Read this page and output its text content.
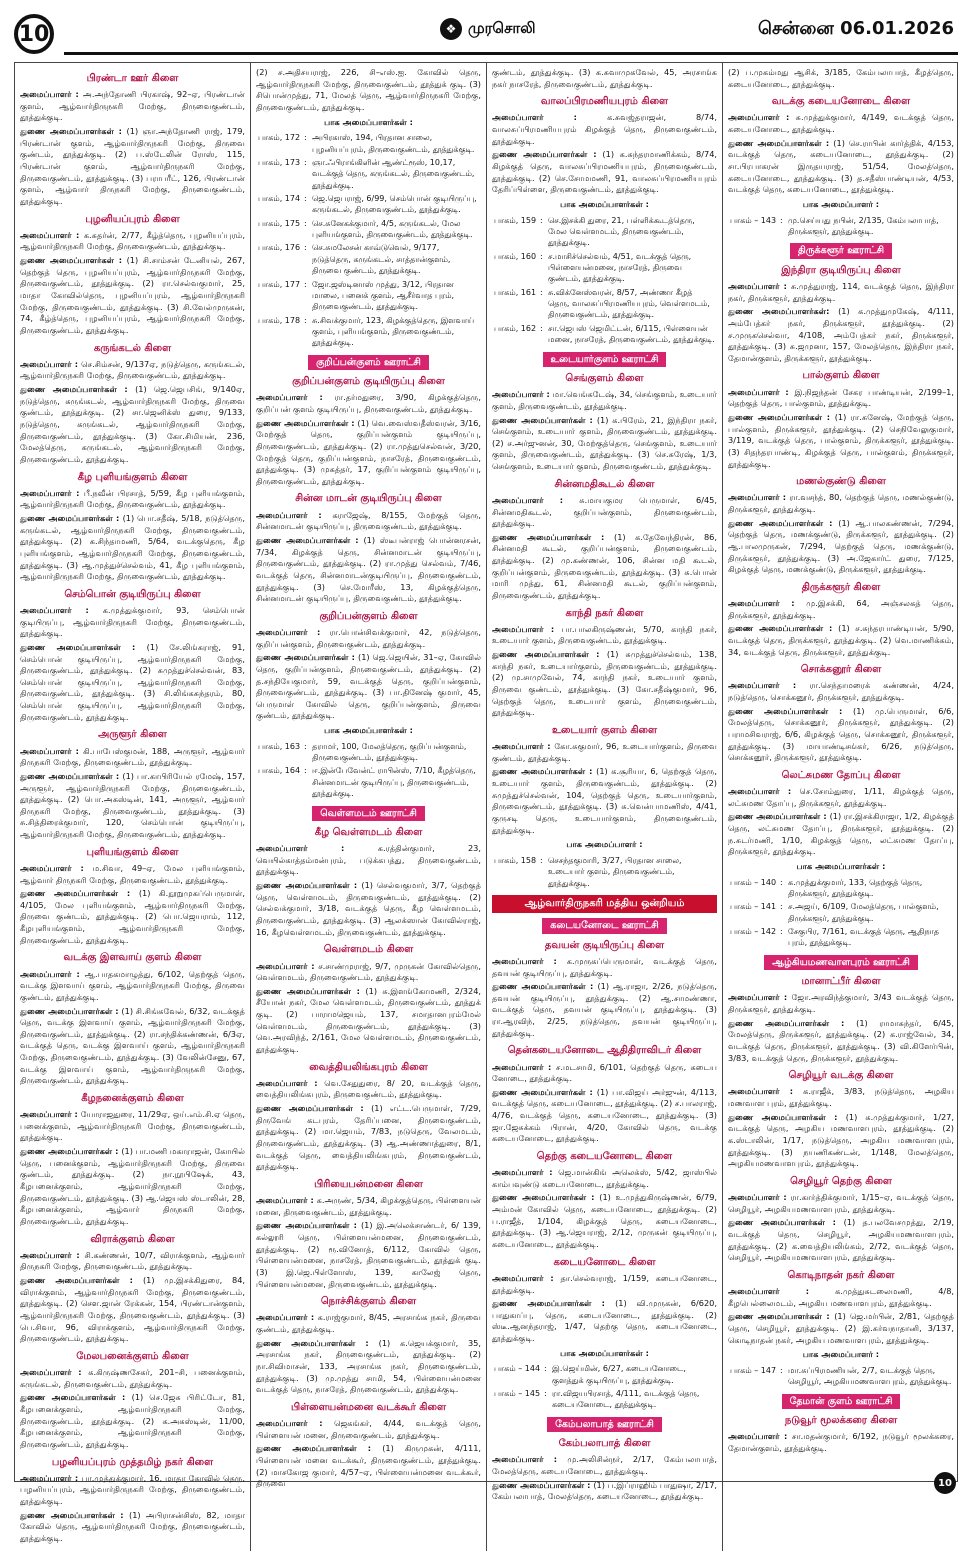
10	❖ முரசொலி	சென்னை 06.01.2026
பிரண்டா ஊர் கிளை

அமைப்பாளர் : அ.அந்தோணி பிரகாஷ், 92–ஏ, பிரண்டான் குளம், ஆழ்வார்திருநகரி மேற்கு, திருவைகுண்டம், தூத்துக்குடி.

துணை அமைப்பாளர்கள் : (1) ஞா.அந்தோணி ராஜ், 179, பிரண்டான் குளம், ஆழ்வார்திருநகரி மேற்கு, திருவை குண்டம், தூத்துக்குடி. (2) ப.ஸ்டேலின் ரோஸ், 115, பிரண்டான் குளம், ஆழ்வார்திருநகரி மேற்கு, திருவைகுண்டம், தூத்துக்குடி. (3) பராபரீட், 126, பிரண்டான் குளம், ஆழ்வார் திருநகரி மேற்கு, திருவைகுண்டம், தூத்துக்குடி.

புழனியப்புரம் கிளை

அமைப்பாளர் : க.சுதர்ன், 2/77, கீழ்த்தெரு, புழனியப்புரம், ஆழ்வார்திருநகரி மேற்கு, திருவைகுண்டம், தூத்துக்குடி.

துணை அமைப்பாளர்கள் : (1) சி.சாம்சன் டேனியல், 267, தெற்குத் தெரு, புழனியப்புரம், ஆழ்வார்திருநகரி மேற்கு, திருவைகுண்டம், தூத்துக்குடி. (2) ரா.செல்வகுமார், 25, மாதா கோவில்தெரு, புழனியப்புரம், ஆழ்வார்திருநகரி மேற்கு, திருவைகுண்டம், தூத்துக்குடி. (3) சி.வேல்முருகன், 74, கீழ்த்தெரு, புழனியப்புரம், ஆழ்வார்திருநகரி மேற்கு, திருவைகுண்டம், தூத்துக்குடி.

கருங்கடல் கிளை

அமைப்பாளர் : செ.சிம்சன், 9/137ஏ, நடுத்தெரு, கருங்கடல், ஆழ்வார்திருநகரி மேற்கு, திருவைகுண்டம், தூத்துக்குடி.

துணை அமைப்பாளர்கள் : (1) ஜெ.ஜெபசிங், 9/140ஏ, நடுத்தெரு, கருங்கடல், ஆழ்வார்திருநகரி மேற்கு, திருவை குண்டம், தூத்துக்குடி. (2) சா.ஜெனிக்ஸ் துரை, 9/133, நடுத்தெரு, கருங்கடல், ஆழ்வார்திருநகரி மேற்கு, திருவைகுண்டம், தூத்துக்குடி. (3) கோ.சிமியன், 236, மேலத்தெரு, கருங்கடல், ஆழ்வார்திருநகரி மேற்கு, திருவைகுண்டம், தூத்துக்குடி.

கீழ புளியங்குளம் கிளை

அமைப்பாளர் : பீ.நவீன் பிரசாத், 5/59, கீழ புளியங்குளம், ஆழ்வார்திருநகரி மேற்கு, திருவைகுண்டம், தூத்துக்குடி.

துணை அமைப்பாளர்கள் : (1) பொ.சதீஷ், 5/18, நடுத்தெரு, கருங்கடல், ஆழ்வார்திருநகரி மேற்கு, திருவைகுண்டம், தூத்துக்குடி. (2) க.சிந்தாமணி, 5/64, வடக்குதெரு, கீழ புளியங்குளம், ஆழ்வார்திருநகரி மேற்கு, திருவைகுண்டம், தூத்துக்குடி. (3) ஆ.முத்துச்செல்வம், 41, கீழ புளியங்குளம், ஆழ்வார்திருநகரி மேற்கு, திருவைகுண்டம், தூத்துக்குடி.

செம்பொன் குடியிருப்பு கிளை

அமைப்பாளர் : க.முத்துக்குமார், 93, செம்பொன் குடியிருப்பு, ஆழ்வார்திருநகரி மேற்கு, திருவைகுண்டம், தூத்துக்குடி.

துணை அமைப்பாளர்கள் : (1) சே.லிங்கராஜ், 91, செம்பொன் குடியிருப்பு, ஆழ்வார்திருநகரி மேற்கு, திருவைகுண்டம், தூத்துக்குடி. (2) சுமுத்துச்செல்வன், 83, செம்பொன் குடியிருப்பு, ஆழ்வார்திருநகரி மேற்கு, திருவைகுண்டம், தூத்துக்குடி. (3) சி.லிங்கசுந்தரம், 80, செம்பொன் குடியிருப்பு, ஆழ்வார்திருநகரி மேற்கு, திருவைகுண்டம், தூத்துக்குடி.

அருளூர் கிளை

அமைப்பாளர் : கி.பாபேஸ்குமன், 188, அருளூர், ஆழ்வார் திருநகரி மேற்கு, திருவைகுண்டம், தூத்துக்குடி.

துணை அமைப்பாளர்கள் : (1) பா.காபிரியேல் ரமேஷ், 157, அருளூர், ஆழ்வார்திருநகரி மேற்கு, திருவைகுண்டம், தூத்துக்குடி. (2) பொ.அகஸ்டின், 141, அருளூர், ஆழ்வார் திருநகரி மேற்கு, திருவைகுண்டம், தூத்துக்குடி. (3) சு.சித்திரைக்குமார், 120, செம்பொன் குடியிருப்பு, ஆழ்வார்திருநகரி மேற்கு, திருவைகுண்டம், தூத்துக்குடி.

புளியங்குளம் கிளை

அமைப்பாளர் : ம.சிவா, 49–ஏ, மேல புளியங்குளம், ஆழ்வார் திருநகரி மேற்கு, திருவைகுண்டம், தூத்துக்குடி.

துணை அமைப்பாளர்கள் : (1) கி.நூறுமுகப்பெருமாள், 4/105, மேல புளியங்குளம், ஆழ்வார்திருநகரி மேற்கு, திருவை குண்டம், தூத்துக்குடி. (2) பொ.ஜெயராம், 112, கீழபுளியங்குளம், ஆழ்வார்திருநகரி மேற்கு, திருவைகுண்டம், தூத்துக்குடி.

வடக்கு இளவாய் குளம் கிளை

அமைப்பாளர் : ஆ.பாதகமாழுத்து, 6/102, தெற்குத் தெரு, வடக்கு இளவாய் குளம், ஆழ்வார்திருநகரி மேற்கு, திருவை குண்டம், தூத்துக்குடி.

துணை அமைப்பாளர்கள் : (1) சி.சிங்கவேல், 6/32, வடக்குத் தெரு, வடக்கு இளவாய் குளம், ஆழ்வார்திருநகரி மேற்கு, திருவைகுண்டம், தூத்துக்குடி. (2) ரா.சந்திக்கண்ணன், 6/3ஏ, வடக்குத் தெரு, வடக்கு இளவாய் குளம், ஆழ்வார்திருநகரி மேற்கு, திருவைகுண்டம், தூத்துக்குடி. (3) வேலின்சேனு, 67, வடக்கு இளவாய் குளம், ஆழ்வார்திருநகரி மேற்கு, திருவைகுண்டம், தூத்துக்குடி.

கீழநனைக்குளம் கிளை

அமைப்பாளர் : யோராஜதுரை, 11/29ஏ, ஒய்.எம்.சி.ஏ தெரு, பனைக்குளம், ஆழ்வார்திருநகரி மேற்கு, திருவைகுண்டம், தூத்துக்குடி.

துணை அமைப்பாளர்கள் : (1) பா.மணி மகாராஜன், கோயில் தெரு, பனைக்குளம், ஆழ்வார்திருநகரி மேற்கு, திருவை குண்டம், தூத்துக்குடி. (2) நா.நூபிஷேக், 43, கீழபனைக்குளம், ஆழ்வார்திருநகரி மேற்கு, திருவைகுண்டம், தூத்துக்குடி. (3) ஆ.ஜெயஸ் ஸ்டாலின், 28, கீழபனைக்குளம், ஆழ்வார் திருநகரி மேற்கு, திருவைகுண்டம், தூத்துக்குடி.

விராக்குளம் கிளை

அமைப்பாளர் : சி.கண்ணன், 10/7, விராக்குளம், ஆழ்வார் திருநகரி மேற்கு, திருவைகுண்டம், தூத்துக்குடி.

துணை அமைப்பாளர்கள் : (1) மு.இசக்கிதுரை, 84, விராக்குளம், ஆழ்வார்திருநகரி மேற்கு, திருவைகுண்டம், தூத்துக்குடி. (2) சௌ.ஜான் ரேக்கன், 154, பிரண்டான்குளம், ஆழ்வார்திருநகரி மேற்கு, திருவைகுண்டம், தூத்துக்குடி. (3) பெ.சிவா, 96, விராக்குளம், ஆழ்வார்திருநகரி மேற்கு, திருவைகுண்டம், தூத்துக்குடி.

மேலபனைக்குளம் கிளை

அமைப்பாளர் : க.கிருஷ்ணசேகர், 201–சி, பனைக்குளம், கருங்கடல், திருவைகுண்டம், தூத்துக்குடி.

துணை அமைப்பாளர்கள் : (1) செ.ஜேசு பிரிட்டோ, 81, கீழபனைக்குளம், ஆழ்வார்திருநகரி மேற்கு, திருவைகுண்டம், தூத்துக்குடி. (2) க.அகஸ்டின், 11/00, கீழபனைக்குளம், ஆழ்வார்திருநகரி மேற்கு, திருவைகுண்டம், தூத்துக்குடி.

பழனியப்புரம் முத்தமிழ் நகர் கிளை

அமைப்பாளர் : பா.முத்துக்குமார், 16, மாதா கோவில் தெரு, பழனியப்புரம், ஆழ்வார்திருநகரி மேற்கு, திருவைகுண்டம், தூத்துக்குடி.

துணை அமைப்பாளர்கள் : (1) அபிராசன்சிஸ், 82, மாதா கோவில் தெரு, ஆழ்வார்திருநகரி மேற்கு, திருவைகுண்டம், தூத்துக்குடி.

(2) ச.அதிசயராஜ், 226, சி–எஸ்.ஐ. கோவில் தெரு, ஆழ்வார்திருநகரி மேற்கு, திருவைகுண்டம், தூத்துக் குடி. (3) சிபொன்முத்து, 71, மேலத் தெரு, ஆழ்வார்திருநகரி மேற்கு, திருவைகுண்டம், தூத்துக்குடி.

பாக அமைப்பாளர்கள் :
பாகம், 172	:	அபிரகாஸ், 194, பிரதான சாலை, புழனியப்புரம், திருவைகுண்டம், தூத்துக்குடி.
பாகம், 173	:	ஞா.ஃபிராங்கிளின் ஆண்ட்ரூஸ், 10,17, வடக்குத் தெரு, கருங்கடல், திருவைகுண்டம், தூத்துக்குடி.
பாகம், 174	:	ஜெ.ஜெபராஜ், 6/99, செம்பொன் குடியிருப்பு, கருங்கடல், திருவைகுண்டம், தூத்துக்குடி.
பாகம், 175	:	செ.சுனேகக்குமார், 4/5, கருங்கடல், மேல புளியங்குளம், திருவைகுண்டம், தூத்துக்குடி.
பாகம், 176	:	செ.சுமலேசன் காவ்டுவெல், 9/177, நடுத்தெரு, கருங்கடல், சாத்தான்குளம், திருவை குண்டம், தூத்துக்குடி.
பாகம், 177	:	ஜோ.ஜஸ்டினாஸ் முத்து, 3/12, பிரதான மாலை, பனைக் குளம், ஆசீர்வாத புரம், திருவைகுண்டம், தூத்துக்குடி.
பாகம், 178	:	சு.சிவக்குமார், 123, கிழக்குத்தெரு, இளவாய் குளம், புளியங்குளம், திருவைகுண்டம், தூத்துக்குடி.
குறிப்பன்குளம் ஊராட்சி
குறிப்பன்குளம் குடியிருப்பு கிளை

அமைப்பாளர் : ரா.தர்மதுரை, 3/90, கிழக்குத்தெரு, குறிப்பன் குளம் குடியிருப்பு, திருவைகுண்டம், தூத்துக்குடி.

துணை அமைப்பாளர்கள் : (1) வெ.வைஸ்வதீஸ்வரன், 3/16, மேற்குத் தெரு, குறிப்பன்குளம் குடியிருப்பு, திருவைகுண்டம், தூத்துக்குடி. (2) ரா.முத்துசெல்வன், 3/20, மேற்குத் தெரு, குறிப்பன்குளம், நாசரேத், திருவைகுண்டம், தூத்துக்குடி. (3) முகத்தர், 17, குறிப்பன்குளம் குடியிருப்பு, திருவைகுண்டம், தூத்துக்குடி.

சின்ன மாடன் குடியிருப்பு கிளை

அமைப்பாளர் : கராஜேஷ், 8/155, மேற்குத் தெரு, சின்னமாடன் குடியிருப்பு, திருவைகுண்டம், தூத்துக்குடி.

துணை அமைப்பாளர்கள் : (1) ஸ்டீபன்ராஜ் பொன்னரசன், 7/34, கிழக்குத் தெரு, சின்னமாடன் குடியிருப்பு, திருவைகுண்டம், தூத்துக்குடி. (2) ரா.முத்து செல்வம், 7/46, வடக்குத் தெரு, சின்னமாடன்குடியிருப்பு, திருவைகுண்டம், தூத்துக்குடி. (3) செ.மோரீஸ், 13, கிழக்குத்தெரு, சின்னமாடன் குடியிருப்பு, திருவைகுண்டம், தூத்துக்குடி.

குறிப்பன்குளம் கிளை

அமைப்பாளர் : ரா.பொன்சிவக்குமார், 42, நடுத்தெரு, குறிப்பன்குளம், திருவைகுண்டம், தூத்துக்குடி.

துணை அமைப்பாளர்கள் : (1) ஜெ.ஜெயின், 31–ஏ, கோவில் தெரு, குறிப்பன்குளம், திருவைகுண்டம், தூத்துக்குடி. (2) த.சந்தியேகுமார், 59, வடக்குத் தெரு, குறிப்பன்குளம், திருவைகுண்டம், தூத்துக்குடி. (3) பா.தினேஷ் குமார், 45, பெருமாள் கோவில் தெரு, குறிப்பன்குளம், திருவை குண்டம், தூத்துக்குடி.

பாக அமைப்பாளர்கள் :
பாகம், 163	:	தராமர், 100, மேலத்தெரு, குறிப்பன்குளம், திருவைகுண்டம், தூத்துக்குடி.
பாகம், 164	:	ஈ.இன்பேவேன்ட் ராபின்ஸ், 7/10, கீழத்தெரு, சின்னமாடன் குடியிருப்பு, திருவைகுண்டம், தூத்துக்குடி.
வெள்ளமடம் ஊராட்சி
கீழ வெள்ளமடம் கிளை

அமைப்பாளர் : க.ரத்தின்குமார், 23, வெயில்காத்தம்மன்புரம், படுக்கபத்து, திருவைகுண்டம், தூத்துக்குடி.

துணை அமைப்பாளர்கள் : (1) செல்வகுமார், 3/7, தெற்குத் தெரு, வெள்ளமடம், திருவைகுண்டம், தூத்துக்குடி. (2) செல்வக்குமார், 3/18, வடக்குத் தெரு, கீழ வெள்ளமடம், திருவைகுண்டம், தூத்துக்குடி. (3) ஆலக்ஸான் கோவில்ராஜ், 16, கீழவெள்ளமடம், திருவைகுண்டம், தூத்துக்குடி.

வெள்ளமடம் கிளை

அமைப்பாளர் : ச.சாண்முராஜ், 9/7, முருகன் கோவில்தெரு, வெள்ளமடம், திருவைகுண்டம், தூத்துக்குடி.

துணை அமைப்பாளர்கள் : (1) சு.இளங்கோமணி, 2/324, சீயோன் நகர், மேல வெள்ளமடம், திருவைகுண்டம், தூத்துக் குடி. (2) பாராமஜெயம், 137, சமாதானபுரம்மேல் வெள்ளமடம், திருவைகுண்டம், தூத்துக்குடி. (3) வெ.அரவிந்த், 2/161, மேல வெள்ளமடம், திருவைகுண்டம், தூத்துக்குடி.

வைத்தியலிங்கபுரம் கிளை

அமைப்பாளர் : வெ.சேதுதுரை, 8/ 20, வடக்குத் தெரு, வைத்தியலிங்கபுரம், திருவைகுண்டம், தூத்துக்குடி.

துணை அமைப்பாளர்கள் : (1) எட்ட.பெருமாள், 7/29, திருவேங் கடபுரம், தேரிப்பனை, திருவைகுண்டம், தூத்துக்குடி. (2) மா.ஜெயம், 7/83, நடுதெரு, வேலமடம், திருவைகுண்டம், தூத்துக்குடி. (3) ஆ.அண்ணாத்துரை, 8/1, வடக்குத் தெரு, வைத்தியலிங்கபுரம், திருவைகுண்டம், தூத்துக்குடி.

பிரியைபன்மனை கிளை

அமைப்பாளர் : க.அருண், 5/34, கிழக்குத்தெரு, பிள்ளையன் மனை, திருவைகுண்டம், தூத்துக்குடி.

துணை அமைப்பாளர்கள் : (1) இ.அலெக்சாண்டர், 6/ 139, கல்லூரி தெரு, பிள்ளையன்மனை, திருவைகுண்டம், தூத்துக்குடி. (2) ரூ.வினோத், 6/112, கோவில் தெரு, பிள்ளையன்மனை, நாசரேத், திருவைகுண்டம், தூத்துக் குடி. (3) இ.ஜெ.பிள்ளோஸ், 139, காலேஜ் தெரு, பிள்ளையன்மனை, திருவைகுண்டம், தூத்துக்குடி.

நொச்சிக்குளம் கிளை

அமைப்பாளர் : க.ராஜ்குமார், 8/45, அரசாங்க நகர், திருவை குண்டம், தூத்துக்குடி.

துணை அமைப்பாளர்கள் : (1) க.ஜெயக்குமார், 35, அரசாங்க நகர், திருவைகுண்டம், தூத்துக்குடி. (2) நா.சிவிமாசன், 133, அரசாங்க நகர், திருவைகுண்டம், தூத்துக்குடி. (3) மு.முத்து சாமி, 54, பிள்ளையன்மனை வடக்குத் தெரு, நாசரேத், திருவைகுண்டம், தூத்துக்குடி.

பிள்ளையன்மனை வடக்கூர் கிளை

அமைப்பாளர் : ஜெகங்கர், 4/44, வடக்குத் தெரு, பிள்ளையன் மனை, திருவைகுண்டம், தூத்துக்குடி.

துணை அமைப்பாளர்கள் : (1) கிருமுகன், 4/111, பிள்ளையன் மனை வடக்கூர், திருவைகுண்டம், தூத்துக்குடி. (2) மாசகோஜ குமார், 4/57–ஏ, பிள்ளையன்மனை வடக்கூர், திருவை

குண்டம், தூத்துக்குடி. (3) க.சுவாமுகவேல், 45, அரசாங்க நகர் நாசரேத், திருவைகுண்டம், தூத்துக்குடி.

வாலப்பிரமணியபுரம் கிளை

அமைப்பாளர் : க.சுவஜ்தராஜன், 8/74, வாலசுப்பிரமணியபுரம் கிழக்குத் தெரு, திருவைகுண்டம், தூத்துக்குடி.

துணை அமைப்பாளர்கள் : (1) க.சுந்தரமாணிக்கம், 8/74, கிழக்குத் தெரு, வாலசுப்பிரமணியபுரம், திருவைகுண்டம், தூத்துக்குடி. (2) செ.சோமமணி, 91, வாலசுப்பிரமணியபுரம் தேரிப்பிள்ளை, திருவைகுண்டம், தூத்துக்குடி.

பாக அமைப்பாளர்கள் :
பாகம், 159	:	செ.இசக்கி துரை, 21, பள்ளிக்கூடத்தெரு, மேல வெள்ளமடம், திருவைகுண்டம், தூத்துக்குடி.
பாகம், 160	:	ச.மாசிச்செல்வம், 4/51, வடக்குத் தெரு, பிள்ளையன்மனை, நாசரேத், திருவை குண்டம், தூத்துக்குடி.
பாகம், 161	:	சு.விக்னேஸ்வரன், 8/57, அண்ணா கீழத் தெரு, வாலசுப்பிரமணியபுரம், வெள்ளமடம், திருவைகுண்டம், தூத்துக்குடி.
பாகம், 162	:	சா.ஜெபஸ் ஜெமிட்டன், 6/115, பிள்ளையன் மனை, நாசரேத், திருவைகுண்டம், தூத்துக்குடி.
உடையார்குளம் ஊராட்சி
செங்குளம் கிளை

அமைப்பாளர் : மா.வெங்கடேஷ், 34, செங்குளம், உடையார் குளம், திருவைகுண்டம், தூத்துக்குடி.

துணை அமைப்பாளர்கள் : (1) க.பிரேம், 21, இந்திரா நகர், செங்குளம், உடையார் குளம், திருவைகுண்டம், தூத்துக்குடி. (2) ச.அர்ஜுனன், 30, மேற்குத்தெரு, செங்குளம், உடையார் குளம், திருவைகுண்டம், தூத்துக்குடி. (3) செ.சுரேஷ், 1/3, செங்குளம், உடையார் குளம், திருவைகுண்டம், தூத்துக்குடி.

சின்னமதிகூடல் கிளை

அமைப்பாளர் : சு.மாயகுமர பெருமாள், 6/45, சின்னமதிகூடல், குறிப்பன்குளம், திருவைகுண்டம், தூத்துக்குடி.

துணை அமைப்பாளர்கள் : (1) க.தேவேந்திரன், 86, சின்னமதி கூடல், குறிப்பன்குளம், திருவைகுண்டம், தூத்துக்குடி. (2) மு.கண்ணன், 106, சின்ன மதி கூடல், குறிப்பன்குளம், திருவைகுண்டம், தூத்துக்குடி. (3) சு.பொன் மாரி முத்து, 61, சின்னமதி கூடல், குறிப்பன்குளம், திருவைகுண்டம், தூத்துக்குடி.

காந்தி நகர் கிளை

அமைப்பாளர் : பா.பாலகிருஷ்ணன், 5/70, காந்தி நகர், உடையார் குளம், திருவைகுண்டம், தூத்துக்குடி.

துணை அமைப்பாளர்கள் : (1) சுமுத்துச்செல்வம், 138, காந்தி நகர், உடையார்குளம், திருவைகுண்டம், தூத்துக்குடி. (2) மு.சாமுவேல், 74, காந்தி நகர், உடையார் குளம், திருவை குண்டம், தூத்துக்குடி. (3) கோ.சதீஷ்குமார், 96, தெற்குத் தெரு, உடையார் குளம், திருவைகுண்டம், தூத்துக்குடி.

உடையார் குளம் கிளை

அமைப்பாளர் : கோ.சுகுமார், 96, உடையார்குளம், திருவை குண்டம், தூத்துக்குடி.

துணை அமைப்பாளர்கள் : (1) க.சூரியா, 6, தெற்குத் தெரு, உடையார் குளம், திருவைகுண்டம், தூத்துக்குடி. (2) சுமுத்துச்செல்வன், 104, தெற்குத் தெரு, உடையார்குளம், திருவைகுண்டம், தூத்துக்குடி. (3) சு.வென்பாமணிஸ், 4/41, குருசடி தெரு, உடையார்குளம், திருவைகுண்டம், தூத்துக்குடி.

பாக அமைப்பாளர் :
பாகம், 158	:	செசந்தகுமாரி, 3/27, பிரதான சாலை, உடையார் குளம், திருவைகுண்டம், தூத்துக்குடி.
ஆழ்வார்திருநகரி மத்திய ஒன்றியம்
கடையனோடை ஊராட்சி
தவயன் குடியிருப்பு கிளை

அமைப்பாளர் : க.முருகப்பெருமாள், வடக்குத் தெரு, தவயன் குடியிருப்பு, தூத்துக்குடி.

துணை அமைப்பாளர்கள் : (1) ஆ.ராஜா, 2/26, நடுத்தெரு, தவயன் குடியிருப்பு, தூத்துக்குடி. (2) ஆ.சாமண்ணா, வடக்குத் தெரு, தவயன் குடியிருப்பு, தூத்துக்குடி. (3) ரா.ஆரவிந், 2/25, நடுத்தெரு, தவயன் குடியிருப்பு, தூத்துக்குடி.

தென்கடையனோடை ஆதிதிராவிடர் கிளை

அமைப்பாளர் : ச.மடசாமி, 6/101, தெற்குத் தெரு, கடைய னோடை, தூத்துக்குடி.

துணை அமைப்பாளர்கள் : (1) பா.விஜய் அர்ஜுன், 4/113, வடக்குத் தெரு, கடையனோடை, தூத்துக்குடி. (2) ச.பாலராஜ், 4/76, வடக்குத் தெரு, கடையனோடை, தூத்துக்குடி. (3) ஜா.ஜேசுக்கம் பிரான், 4/20, கோவில் தெரு, வடக்கு கடையனோடை, தூத்துக்குடி.

தெற்கு கடையனோடை கிளை

அமைப்பாளர் : ஜெ.மான்கிங் அலெக்ஸ், 5/42, ஜாஸ்பில் காம்பவுண்டு கடையனோடை, தூத்துக்குடி.

துணை அமைப்பாளர்கள் : (1) உ.முத்துகிருஷ்ணன், 6/79, அம்மன் கோவில் தெரு, கடையனோடை, தூத்துக்குடி. (2) ப.ராஜீத், 1/104, கிழக்குத் தெரு, கடையனோடை, தூத்துக்குடி. (3) ஆ.ஜெயராஜ், 2/12, முருகன் குடியிருப்பு, கடையனோடை, தூத்துக்குடி.

கடையனோடை கிளை

அமைப்பாளர் : தா.செல்வராஜ், 1/159, கடையனோடை, தூத்துக்குடி.

துணை அமைப்பாளர்கள் : (1) வி.முருகன், 6/620, பாதுகாப்பு, தெரு, கடையனோடை, தூத்துக்குடி. (2) ஸ்டீ.ஆனந்தராஜ், 1/47, தெற்கு தெரு, கடையனோடை, தூத்துக்குடி.

பாக அமைப்பாளர்கள் :
பாகம் – 144	:	இ.ஜெய்மின், 6/27, கடையனோடை, குளத்துக் குடியிருப்பு, தூத்துக்குடி.
பாகம் – 145	:	ரா.விஜயபிரசாத், 4/111, வடக்குத் தெரு, கடையனோடை, தூத்துக்குடி.
கேம்பலாபாத் ஊராட்சி
கேம்பலாபாத் கிளை

அமைப்பாளர் : மு.அலிசின்நர், 2/17, கேம்பலாபாத், மேலத்தெரு, கடையனோடை, தூத்துக்குடி.

துணை அமைப்பாளர்கள் : (1) ப.இப்ராஹிம் பாதுஷா, 2/17, கேம்பலாபாத், மேலத்தெரு, கடையனோடை, தூத்துக்குடி.

(2) ப.முகம்மது ஆசிக், 3/185, கேம்பலாபாத், கீழத்தெரு, கடையனோடை, தூத்துக்குடி.

வடக்கு கடையனோடை கிளை

அமைப்பாளர் : சு.முத்துக்குமார், 4/149, வடக்குத் தெரு, கடையனோடை, தூத்துக்குடி.

துணை அமைப்பாளர்கள் : (1) செ.ராபின் கார்த்திக், 4/153, வடக்குத் தெரு, கடையனோடை, தூத்துக்குடி. (2) சா.பிரபாகரன் இருதயராஜ், 51/54, மேலத்தெரு, கடையனோடை, தூத்துக்குடி. (3) த.சதீஸ்பாண்டியன், 4/53, வடக்குத் தெரு, கடையனோடை, தூத்துக்குடி.

பாக அமைப்பாளர் :
பாகம் – 143	:	மு.செய்யது நபின், 2/135, கேம்பலாபாத், திருக்களூர், தூத்துக்குடி.
திருக்களூர் ஊராட்சி
இந்திரா குடியிருப்பு கிளை

அமைப்பாளர் : சு.முத்துராஜ், 114, வடக்குத் தெரு, இந்திரா நகர், திருக்களூர், தூத்துக்குடி.

துணை அமைப்பாளர்கள்: (1) க.முத்துமுகேஷ், 4/111, அம்பேத்கர் நகர், திருக்களூர், தூத்துக்குடி. (2) ச.முருகசெல்வா, 4/108, அம்பேத்கர் நகர், திருக்களூர், தூத்துக்குடி. (3) சு.ஜமுனா, 157, மேலத்தெரு, இந்திரா நகர், தேமான்குளம், திருக்களூர், தூத்துக்குடி.

பால்குளம் கிளை

அமைப்பாளர் : இ.நிஜந்தன் சேகர பாண்டியன், 2/199–1, தெற்குத் தெரு, பால்குளம், தூத்துக்குடி.

துணை அமைப்பாளர்கள் : (1) ரா.சுனேஷ், மேற்குத் தெரு, பால்குளம், திருக்களூர், தூத்துக்குடி. (2) செநிவேலுகுமார், 3/119, வடக்குத் தெரு, பால்குளம், திருக்களூர், தூத்துக்குடி. (3) சிதந்தரபாண்டி, கிழக்குத் தெரு, பால்குளம், திருக்களூர், தூத்துக்குடி.

மணல்குண்டு கிளை

அமைப்பாளர் : ரா.வசந்த், 80, தெற்குத் தெரு, மணல்குண்டு, திருக்களூர், தூத்துக்குடி.

துணை அமைப்பாளர்கள் : (1) ஆ.பாலகண்ணன், 7/294, தெற்குத் தெரு, மணக்குண்டு, திருக்களூர், தூத்துக்குடி. (2) ஆ.பாலமுருகன், 7/294, தெற்குத் தெரு, மணக்குண்டு, திருக்களூர், தூத்துக்குடி. (3) அ.ஜேகார்ட் துரை, 7/125, கிழக்குத் தெரு, மணக்குண்டு, திருக்களூர், தூத்துக்குடி.

திருக்களூர் கிளை

அமைப்பாளர் : மு.இசக்கி, 64, அஞ்சலகத் தெரு, திருக்களூர், தூத்துக்குடி.

துணை அமைப்பாளர்கள் : (1) ச.சுந்தரபாண்டியன், 5/90, வடக்குத் தெரு, திருக்களூர், தூத்துக்குடி. (2) வெ.மாணிக்கம், 34, வடக்குத் தெரு, திருக்களூர், தூத்துக்குடி.

சொக்கனூர் கிளை

அமைப்பாளர் : ரா.செந்தாமரைக் கண்ணன், 4/24, நடுத்தெரு, சொக்கனூர், திருக்களூர், தூத்துக்குடி.

துணை அமைப்பாளர்கள் : (1) மு.பெருமாள், 6/6, மேலத்தெரு, சொக்கனூர், திருக்களூர், தூத்துக்குடி. (2) பராமசிவராஜ், 6/6, கிழக்குத் தெரு, சொக்கனூர், திருக்களூர், தூத்துக்குடி. (3) மாயாண்டிசங்கர், 6/26, நடுத்தெரு, சொக்கனூர், திருக்களூர், தூத்துக்குடி.

லெட்சுமண தோப்பு கிளை

அமைப்பாளர் : செ.சோம்துரை, 1/11, கிழக்குத் தெரு, லட்சுமண தோப்பு, திருக்களூர், தூத்துக்குடி.

துணை அமைப்பாளர்கள் : (1) ரா.இசக்கிராஜா, 1/2, கிழக்குத் தெரு, லட்சுமண தோப்பு, திருக்களூர், தூத்துக்குடி. (2) ந.சுடர்மணி, 1/10, கிழக்குத் தெரு, லட்சுமண தோப்பு, திருக்களூர், தூத்துக்குடி.

பாக அமைப்பாளர்கள் :
பாகம் – 140	:	க.முத்துக்குமார், 133, தெற்குத் தெரு, திருக்களூர், தூத்துக்குடி.
பாகம் – 141	:	ச.அஜய், 6/109, மேலத்தெரு, பால்குளம், திருக்களூர், தூத்துக்குடி.
பாகம் – 142	:	சேகுபிர, 7/161, வடக்குத் தெரு, ஆதிநாத புரம், தூத்துக்குடி.
ஆழ்கியமணவாளபுரம் ஊராட்சி
மானாட்பீர் கிளை

அமைப்பாளர் : ஜோ.அரவிந்த்குமார், 3/43 வடக்குத் தெரு, திருக்களூர், தூத்துக்குடி.

துணை அமைப்பாளர்கள் : (1) ராமாசுந்தர், 6/45, மேலத்தெரு, திருக்களூர், தூத்துக்குடி. (2) க.ராஜ்வேல், 34, வடக்குத் தெரு, திருக்களூர், தூத்துக்குடி. (3) வி.கிளேர்பின், 3/83, வடக்குத் தெரு, திருக்களூர், தூத்துக்குடி.

செழியூர் வடக்கு கிளை

அமைப்பாளர் : க.ராஜீக், 3/83, நடுத்தெரு, அழகிய மணவாள புரம், தூத்துக்குடி.

துணை அமைப்பாளர்கள் : (1) க.முத்துக்குமார், 1/27, வடக்குத் தெரு, அழகிய மணவாளபுரம், தூத்துக்குடி. (2) க.ஸ்டாலின், 1/17, நடுத்தெரு, அழகிய மணவாளபுரம், தூத்துக்குடி. (3) நயணிகண்டன், 1/148, மேலத்தெரு, அழகியமணவாளபுரம், தூத்துக்குடி.

செழியூர் தெற்கு கிளை

அமைப்பாளர் : ரா.கார்த்திக்குமார், 1/15–ஏ, வடக்குத் தெரு, செழியூர், அழகியமணவாளபுரம், தூத்துக்குடி.

துணை அமைப்பாளர்கள் : (1) த.பலவேசமுத்து, 2/19, வடக்குத் தெரு, செழியூர், அழகியமணவாளபுரம், தூத்துக்குடி. (2) க.வைத்தியலிங்கம், 2/72, வடக்குத் தெரு, செழியூர், அழகியமணவாளபுரம், தூத்துக்குடி.

கொடிநாதன் நகர் கிளை

அமைப்பாளர் : க.முத்துசுடலைமணி, 4/8, கீழபெல்லைமடம், அழகிய மணவாளபுரம், தூத்துக்குடி.

துணை அமைப்பாளர்கள் : (1) ஜெ.மர்பின், 2/81, தெற்குத் தெரு, செழியூர், தூத்துக்குடி. (2) இ.சுர்வநாதானி, 3/137, கொடிநாதன் நகர், அழகிய மணவாளபுரம், தூத்துக்குடி.

பாக அமைப்பாளர் :
பாகம் – 147	:	மா.சுப்பிரமணியன், 2/7, வடக்குத் தெரு, செழியூர், அழகியமணவாளபுரம், தூத்துக்குடி.
தேமான் குளம் ஊராட்சி
நடுவூர் மூலக்கரை கிளை

அமைப்பாளர் : சா.மதன்குமார், 6/192, நடுவூர் மூலக்கரை, தேமான்குளம், தூத்துக்குடி.

10
